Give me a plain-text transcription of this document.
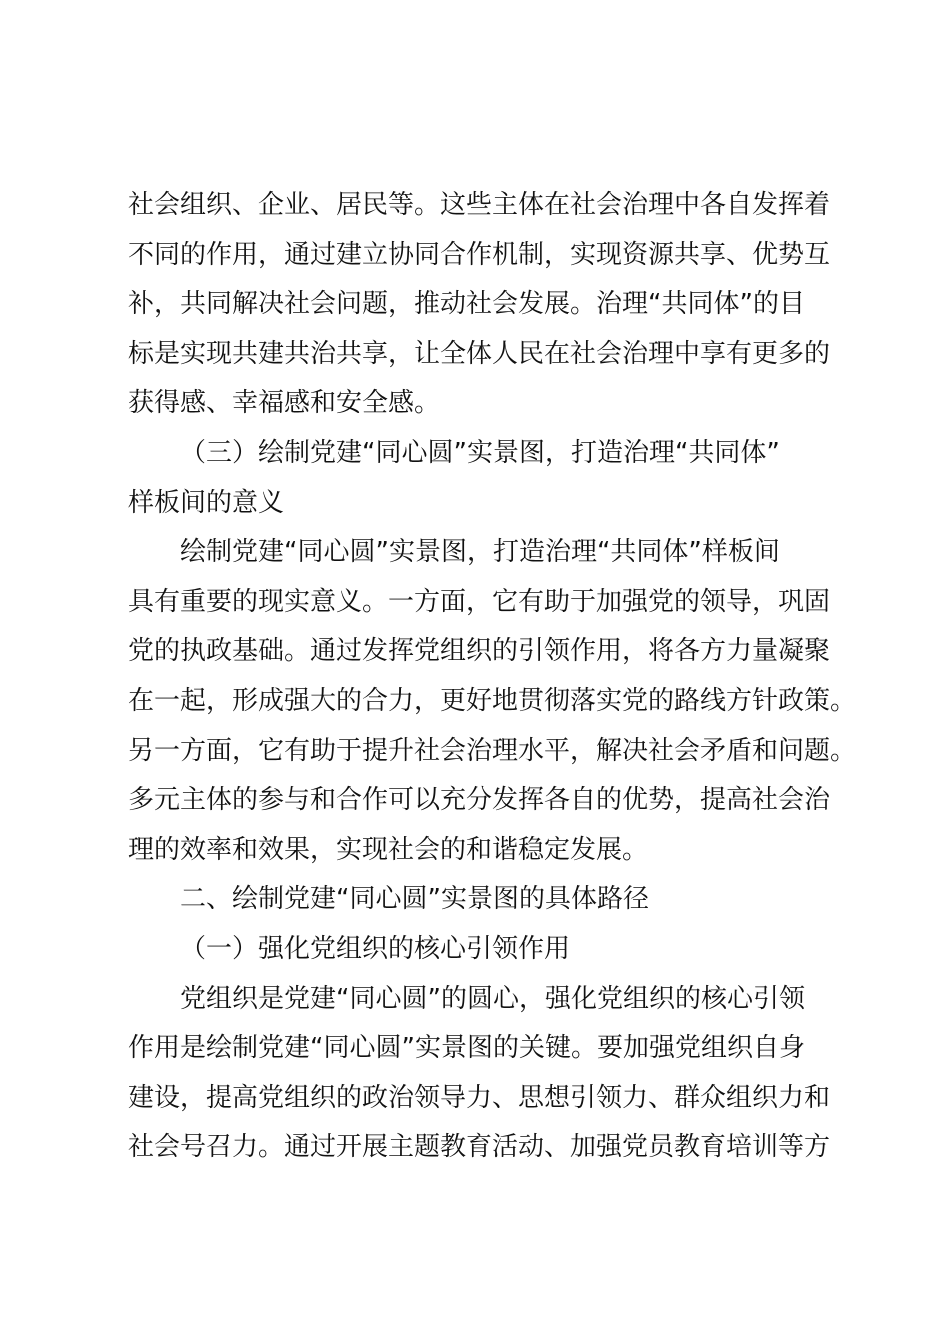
社会组织、企业、居民等。这些主体在社会治理中各自发挥着
不同的作用，通过建立协同合作机制，实现资源共享、优势互
补，共同解决社会问题，推动社会发展。治理“共同体”的目
标是实现共建共治共享，让全体人民在社会治理中享有更多的
获得感、幸福感和安全感。
（三）绘制党建“同心圆”实景图，打造治理“共同体”
样板间的意义
绘制党建“同心圆”实景图，打造治理“共同体”样板间
具有重要的现实意义。一方面，它有助于加强党的领导，巩固
党的执政基础。通过发挥党组织的引领作用，将各方力量凝聚
在一起，形成强大的合力，更好地贯彻落实党的路线方针政策。
另一方面，它有助于提升社会治理水平，解决社会矛盾和问题。
多元主体的参与和合作可以充分发挥各自的优势，提高社会治
理的效率和效果，实现社会的和谐稳定发展。
二、绘制党建“同心圆”实景图的具体路径
（一）强化党组织的核心引领作用
党组织是党建“同心圆”的圆心，强化党组织的核心引领
作用是绘制党建“同心圆”实景图的关键。要加强党组织自身
建设，提高党组织的政治领导力、思想引领力、群众组织力和
社会号召力。通过开展主题教育活动、加强党员教育培训等方
